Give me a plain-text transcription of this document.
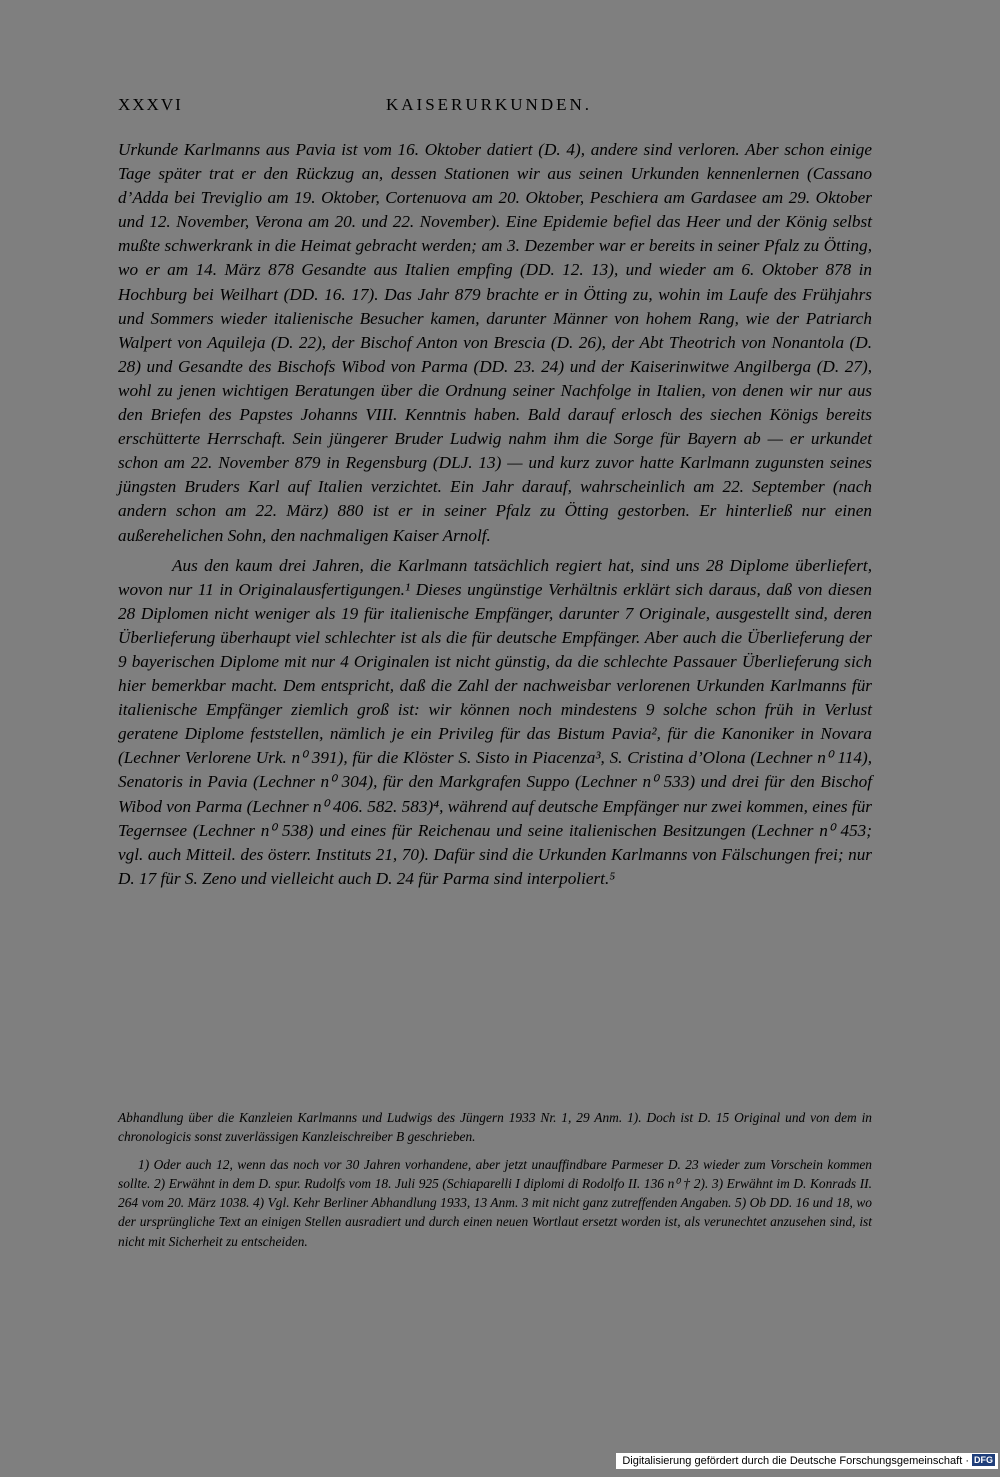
XXXVI	KAISERURKUNDEN.

Urkunde Karlmanns aus Pavia ist vom 16. Oktober datiert (D. 4), andere sind verloren. Aber schon einige Tage später trat er den Rückzug an, dessen Stationen wir aus seinen Urkunden kennenlernen (Cassano d’Adda bei Treviglio am 19. Oktober, Cortenuova am 20. Oktober, Peschiera am Gardasee am 29. Oktober und 12. November, Verona am 20. und 22. November). Eine Epidemie befiel das Heer und der König selbst mußte schwerkrank in die Heimat gebracht werden; am 3. Dezember war er bereits in seiner Pfalz zu Ötting, wo er am 14. März 878 Gesandte aus Italien empfing (DD. 12. 13), und wieder am 6. Oktober 878 in Hochburg bei Weilhart (DD. 16. 17). Das Jahr 879 brachte er in Ötting zu, wohin im Laufe des Frühjahrs und Sommers wieder italienische Besucher kamen, darunter Männer von hohem Rang, wie der Patriarch Walpert von Aquileja (D. 22), der Bischof Anton von Brescia (D. 26), der Abt Theotrich von Nonantola (D. 28) und Gesandte des Bischofs Wibod von Parma (DD. 23. 24) und der Kaiserinwitwe Angilberga (D. 27), wohl zu jenen wichtigen Beratungen über die Ordnung seiner Nachfolge in Italien, von denen wir nur aus den Briefen des Papstes Johanns VIII. Kenntnis haben. Bald darauf erlosch des siechen Königs bereits erschütterte Herrschaft. Sein jüngerer Bruder Ludwig nahm ihm die Sorge für Bayern ab — er urkundet schon am 22. November 879 in Regensburg (DLJ. 13) — und kurz zuvor hatte Karlmann zugunsten seines jüngsten Bruders Karl auf Italien verzichtet. Ein Jahr darauf, wahrscheinlich am 22. September (nach andern schon am 22. März) 880 ist er in seiner Pfalz zu Ötting gestorben. Er hinterließ nur einen außerehelichen Sohn, den nachmaligen Kaiser Arnolf.

Aus den kaum drei Jahren, die Karlmann tatsächlich regiert hat, sind uns 28 Diplome überliefert, wovon nur 11 in Originalausfertigungen.¹ Dieses ungünstige Verhältnis erklärt sich daraus, daß von diesen 28 Diplomen nicht weniger als 19 für italienische Empfänger, darunter 7 Originale, ausgestellt sind, deren Überlieferung überhaupt viel schlechter ist als die für deutsche Empfänger. Aber auch die Überlieferung der 9 bayerischen Diplome mit nur 4 Originalen ist nicht günstig, da die schlechte Passauer Überlieferung sich hier bemerkbar macht. Dem entspricht, daß die Zahl der nachweisbar verlorenen Urkunden Karlmanns für italienische Empfänger ziemlich groß ist: wir können noch mindestens 9 solche schon früh in Verlust geratene Diplome feststellen, nämlich je ein Privileg für das Bistum Pavia², für die Kanoniker in Novara (Lechner Verlorene Urk. n⁰ 391), für die Klöster S. Sisto in Piacenza³, S. Cristina d’Olona (Lechner n⁰ 114), Senatoris in Pavia (Lechner n⁰ 304), für den Markgrafen Suppo (Lechner n⁰ 533) und drei für den Bischof Wibod von Parma (Lechner n⁰ 406. 582. 583)⁴, während auf deutsche Empfänger nur zwei kommen, eines für Tegernsee (Lechner n⁰ 538) und eines für Reichenau und seine italienischen Besitzungen (Lechner n⁰ 453; vgl. auch Mitteil. des österr. Instituts 21, 70). Dafür sind die Urkunden Karlmanns von Fälschungen frei; nur D. 17 für S. Zeno und vielleicht auch D. 24 für Parma sind interpoliert.⁵

Abhandlung über die Kanzleien Karlmanns und Ludwigs des Jüngern 1933 Nr. 1, 29 Anm. 1). Doch ist D. 15 Original und von dem in chronologicis sonst zuverlässigen Kanzleischreiber B geschrieben.

1) Oder auch 12, wenn das noch vor 30 Jahren vorhandene, aber jetzt unauffindbare Parmeser D. 23 wieder zum Vorschein kommen sollte. 2) Erwähnt in dem D. spur. Rudolfs vom 18. Juli 925 (Schiaparelli I diplomi di Rodolfo II. 136 n⁰ † 2). 3) Erwähnt im D. Konrads II. 264 vom 20. März 1038. 4) Vgl. Kehr Berliner Abhandlung 1933, 13 Anm. 3 mit nicht ganz zutreffenden Angaben. 5) Ob DD. 16 und 18, wo der ursprüngliche Text an einigen Stellen ausradiert und durch einen neuen Wortlaut ersetzt worden ist, als verunechtet anzusehen sind, ist nicht mit Sicherheit zu entscheiden.

Digitalisierung gefördert durch die Deutsche Forschungsgemeinschaft · DFG
